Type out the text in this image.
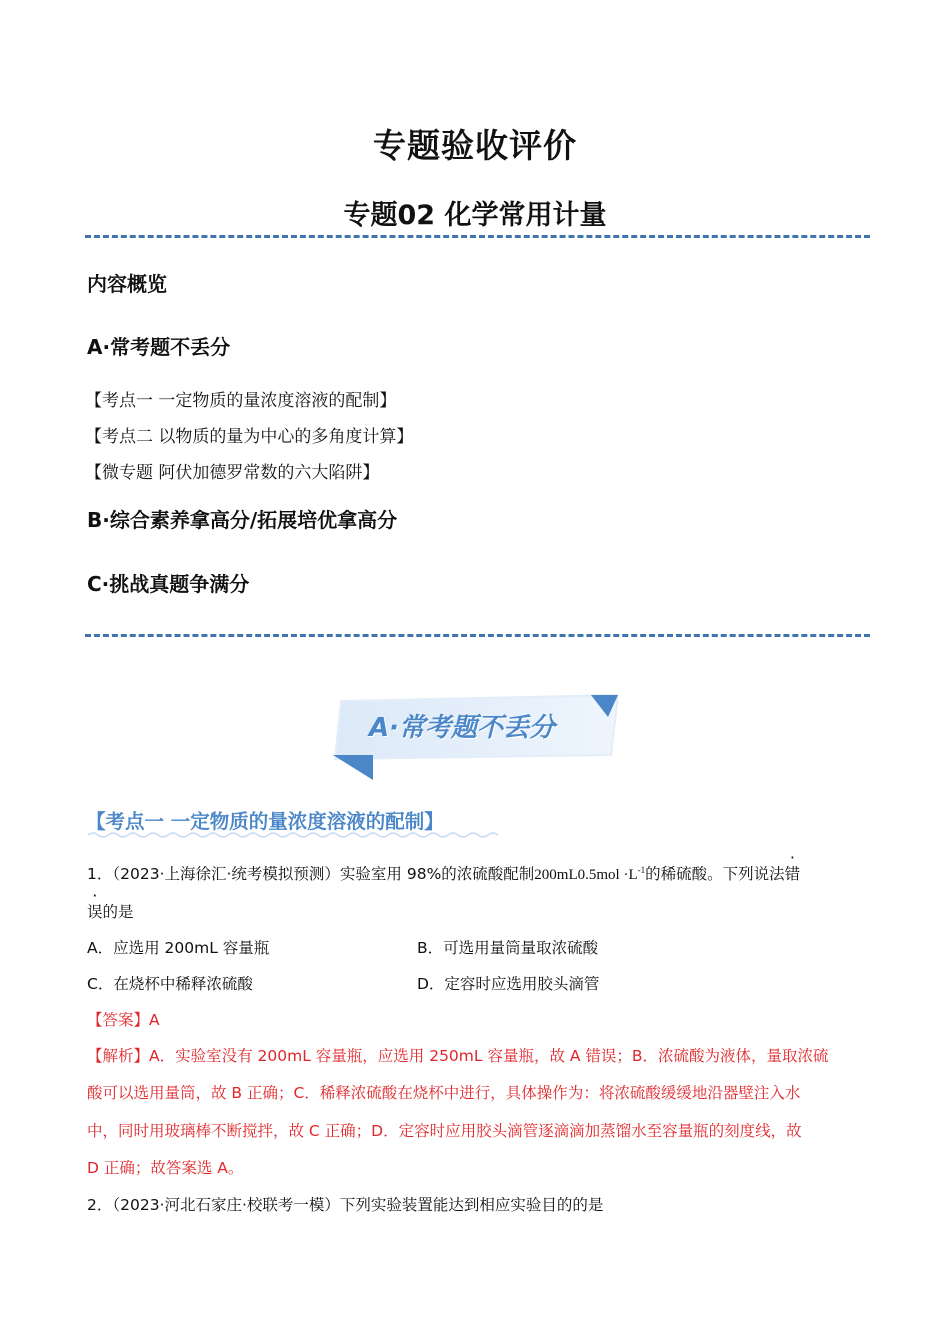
专题验收评价
专题02 化学常用计量
内容概览
A·常考题不丢分
【考点一 一定物质的量浓度溶液的配制】
【考点二 以物质的量为中心的多角度计算】
【微专题 阿伏加德罗常数的六大陷阱】
B·综合素养拿高分/拓展培优拿高分
C·挑战真题争满分
A·常考题不丢分
【考点一 一定物质的量浓度溶液的配制】
1．（2023·上海徐汇·统考模拟预测）实验室用 98%的浓硫酸配制$200mL0.5mol \cdot L^{-1}$的稀硫酸。下列说法错
误的是
A．应选用 200mL 容量瓶	B．可选用量筒量取浓硫酸
C．在烧杯中稀释浓硫酸	D．定容时应选用胶头滴管
【答案】A
【解析】A．实验室没有 200mL 容量瓶，应选用 250mL 容量瓶，故 A 错误；B．浓硫酸为液体，量取浓硫
酸可以选用量筒，故 B 正确；C．稀释浓硫酸在烧杯中进行，具体操作为：将浓硫酸缓缓地沿器壁注入水
中，同时用玻璃棒不断搅拌，故 C 正确；D．定容时应用胶头滴管逐滴滴加蒸馏水至容量瓶的刻度线，故
D 正确；故答案选 A。
2．（2023·河北石家庄·校联考一模）下列实验装置能达到相应实验目的的是
